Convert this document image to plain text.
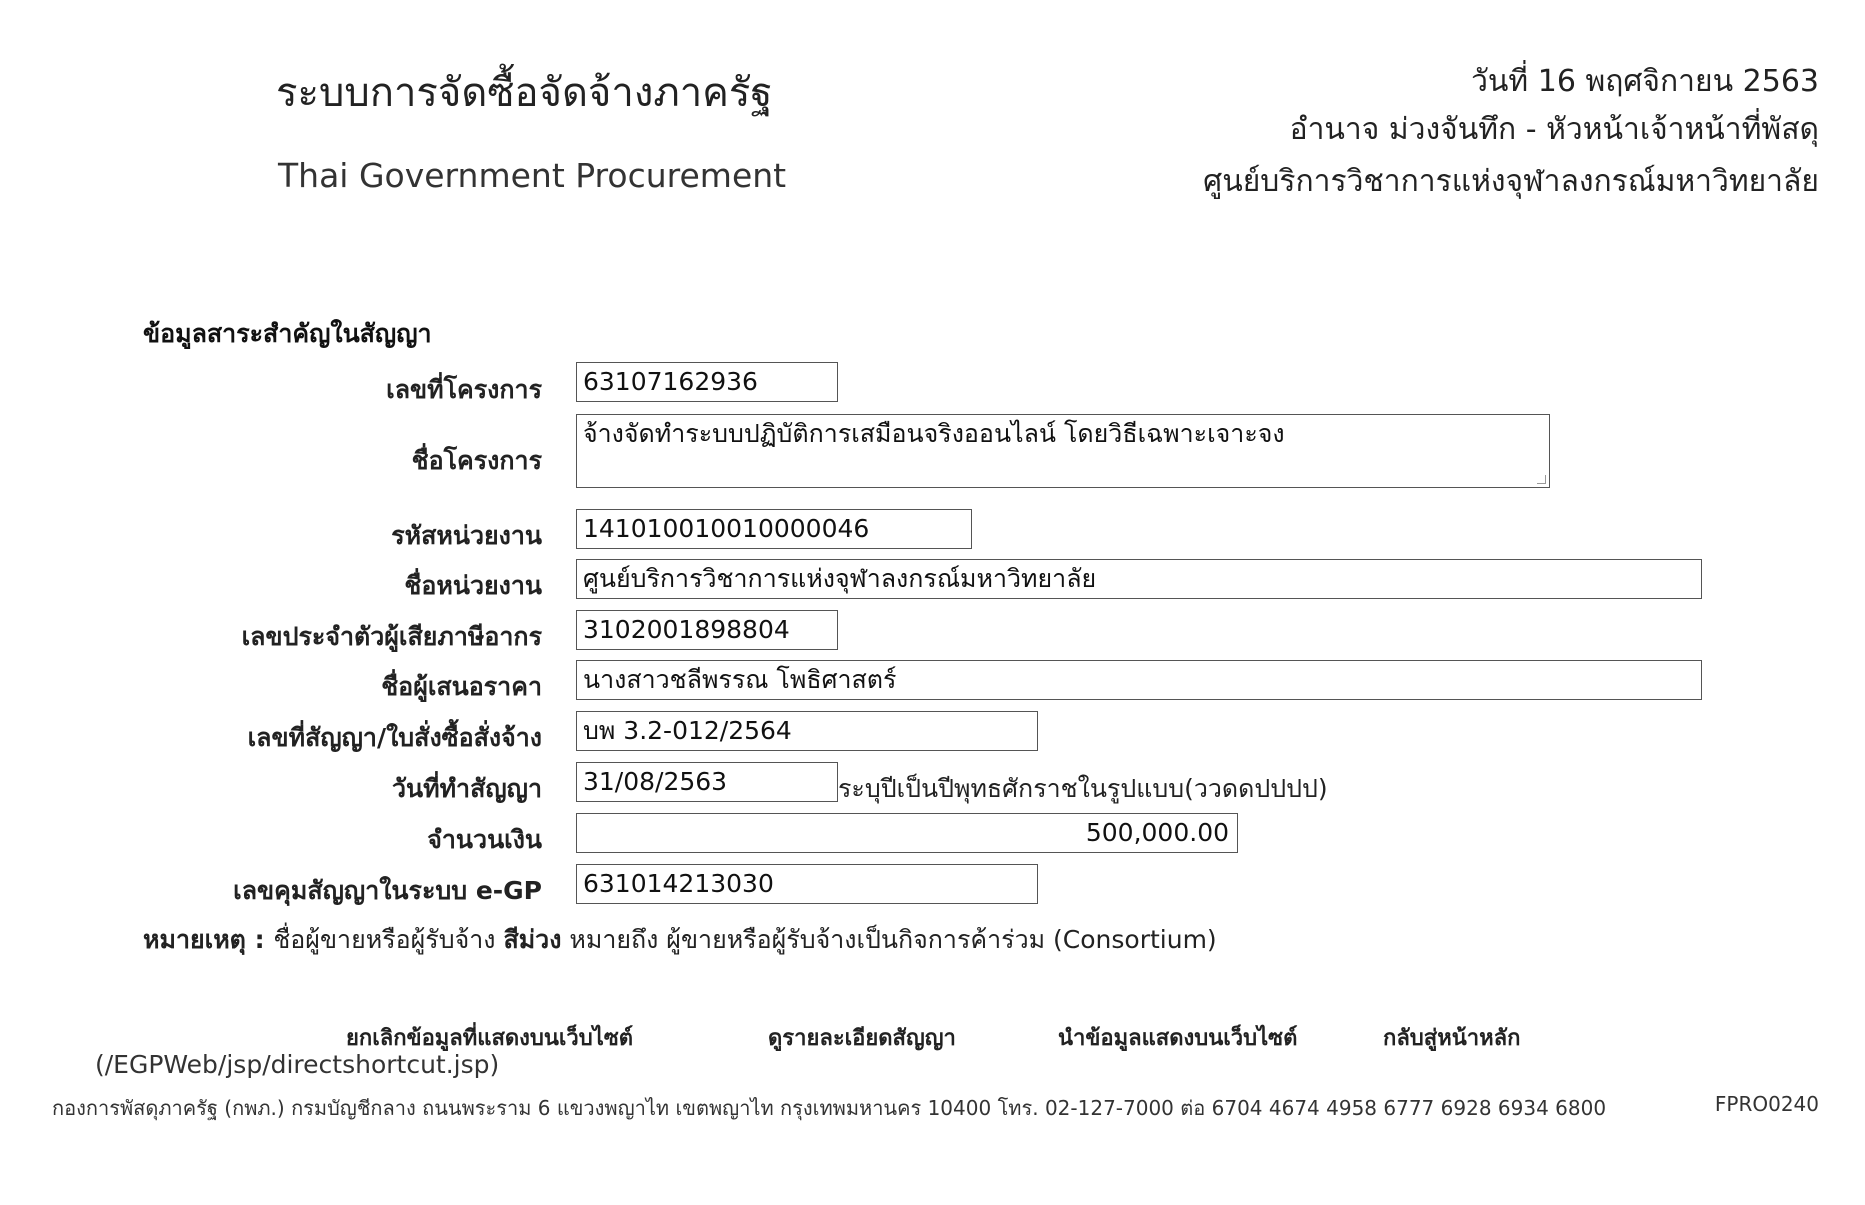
ระบบการจัดซื้อจัดจ้างภาครัฐ
Thai Government Procurement
วันที่ 16 พฤศจิกายน 2563
อำนาจ ม่วงจันทึก - หัวหน้าเจ้าหน้าที่พัสดุ
ศูนย์บริการวิชาการแห่งจุฬาลงกรณ์มหาวิทยาลัย
ข้อมูลสาระสำคัญในสัญญา
เลขที่โครงการ 63107162936
ชื่อโครงการ
จ้างจัดทำระบบปฏิบัติการเสมือนจริงออนไลน์ โดยวิธีเฉพาะเจาะจง
รหัสหน่วยงาน 141010010010000046
ชื่อหน่วยงาน ศูนย์บริการวิชาการแห่งจุฬาลงกรณ์มหาวิทยาลัย
เลขประจำตัวผู้เสียภาษีอากร 3102001898804
ชื่อผู้เสนอราคา นางสาวชลีพรรณ โพธิศาสตร์
เลขที่สัญญา/ใบสั่งซื้อสั่งจ้าง บพ 3.2-012/2564
วันที่ทำสัญญา 31/08/2563	ระบุปีเป็นปีพุทธศักราชในรูปแบบ(ววดดปปปป)
จำนวนเงิน	500,000.00
เลขคุมสัญญาในระบบ e-GP 631014213030
หมายเหตุ : ชื่อผู้ขายหรือผู้รับจ้าง สีม่วง หมายถึง ผู้ขายหรือผู้รับจ้างเป็นกิจการค้าร่วม (Consortium)
ยกเลิกข้อมูลที่แสดงบนเว็บไซต์	ดูรายละเอียดสัญญา	นำข้อมูลแสดงบนเว็บไซต์	กลับสู่หน้าหลัก
(/EGPWeb/jsp/directshortcut.jsp)
กองการพัสดุภาครัฐ (กพภ.) กรมบัญชีกลาง ถนนพระราม 6 แขวงพญาไท เขตพญาไท กรุงเทพมหานคร 10400 โทร. 02-127-7000 ต่อ 6704 4674 4958 6777 6928 6934 6800	FPRO0240
